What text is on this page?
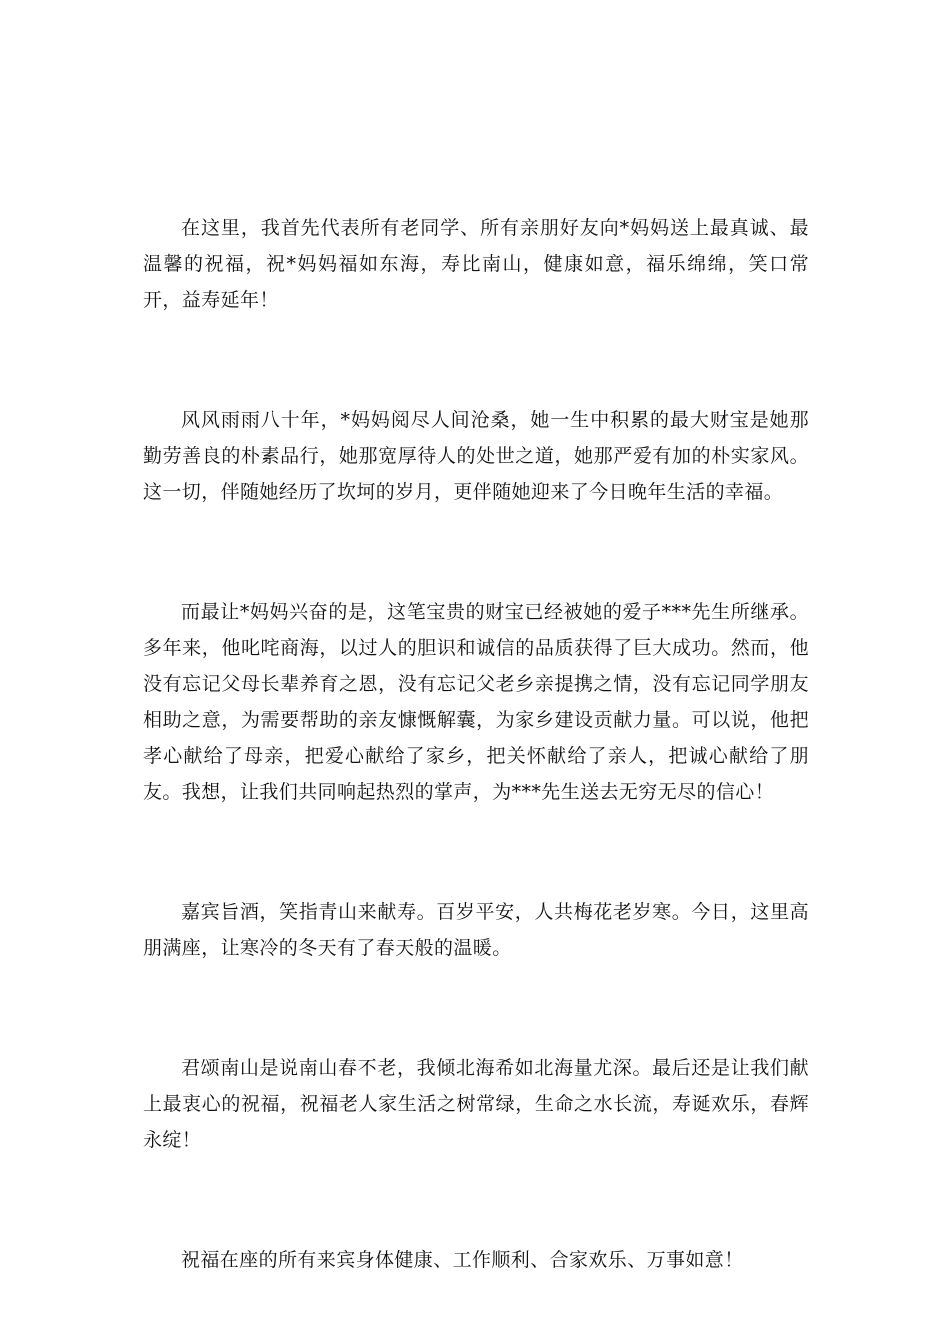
在这里，我首先代表所有老同学、所有亲朋好友向*妈妈送上最真诚、最温馨的祝福，祝*妈妈福如东海，寿比南山，健康如意，福乐绵绵，笑口常开，益寿延年！

风风雨雨八十年，*妈妈阅尽人间沧桑，她一生中积累的最大财宝是她那勤劳善良的朴素品行，她那宽厚待人的处世之道，她那严爱有加的朴实家风。这一切，伴随她经历了坎坷的岁月，更伴随她迎来了今日晚年生活的幸福。

而最让*妈妈兴奋的是，这笔宝贵的财宝已经被她的爱子***先生所继承。多年来，他叱咤商海，以过人的胆识和诚信的品质获得了巨大成功。然而，他没有忘记父母长辈养育之恩，没有忘记父老乡亲提携之情，没有忘记同学朋友相助之意，为需要帮助的亲友慷慨解囊，为家乡建设贡献力量。可以说，他把孝心献给了母亲，把爱心献给了家乡，把关怀献给了亲人，把诚心献给了朋友。我想，让我们共同响起热烈的掌声，为***先生送去无穷无尽的信心！

嘉宾旨酒，笑指青山来献寿。百岁平安，人共梅花老岁寒。今日，这里高朋满座，让寒冷的冬天有了春天般的温暖。

君颂南山是说南山春不老，我倾北海希如北海量尤深。最后还是让我们献上最衷心的祝福，祝福老人家生活之树常绿，生命之水长流，寿诞欢乐，春辉永绽！

祝福在座的所有来宾身体健康、工作顺利、合家欢乐、万事如意！
